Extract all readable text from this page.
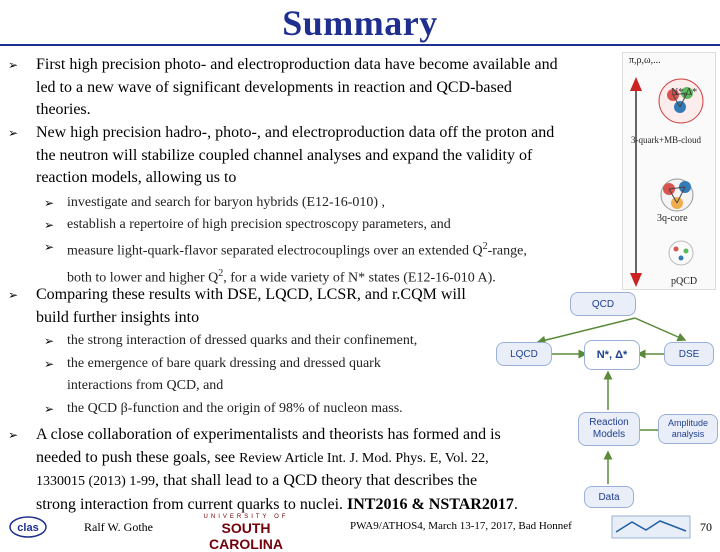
Summary
➢ First high precision photo- and electroproduction data have become available and
led to a new wave of significant developments in reaction and QCD-based
theories.
➢ New high precision hadro-, photo-, and electroproduction data off the proton and
the neutron will stabilize coupled channel analyses and expand the validity of
reaction models, allowing us to
➢ investigate and search for baryon hybrids (E12-16-010) ,
➢ establish a repertoire of high precision spectroscopy parameters, and
➢ measure light-quark-flavor separated electrocouplings over an extended $Q^2$-range,
both to lower and higher $Q^2$, for a wide variety of N* states (E12-16-010 A).
➢ Comparing these results with DSE, LQCD, LCSR, and r.CQM will
build further insights into
➢ the strong interaction of dressed quarks and their confinement,
➢ the emergence of bare quark dressing and dressed quark
interactions from QCD, and
➢ the QCD β-function and the origin of 98% of nucleon mass.
➢ A close collaboration of experimentalists and theorists has formed and is
needed to push these goals, see Review Article Int. J. Mod. Phys. E, Vol. 22,
1330015 (2013) 1-99, that shall lead to a QCD theory that describes the
strong interaction from current quarks to nuclei. INT2016 & NSTAR2017.
π,ρ,ω,...
N*,Δ*
3-quark+MB-cloud
3q-core
pQCD
QCD
LQCD	N*, Δ*	DSE
Reaction Models
Amplitude analysis
Data
clas	Ralf W. Gothe
UNIVERSITY OF
SOUTH CAROLINA
PWA9/ATHOS4, March 13-17, 2017, Bad Honnef	70
